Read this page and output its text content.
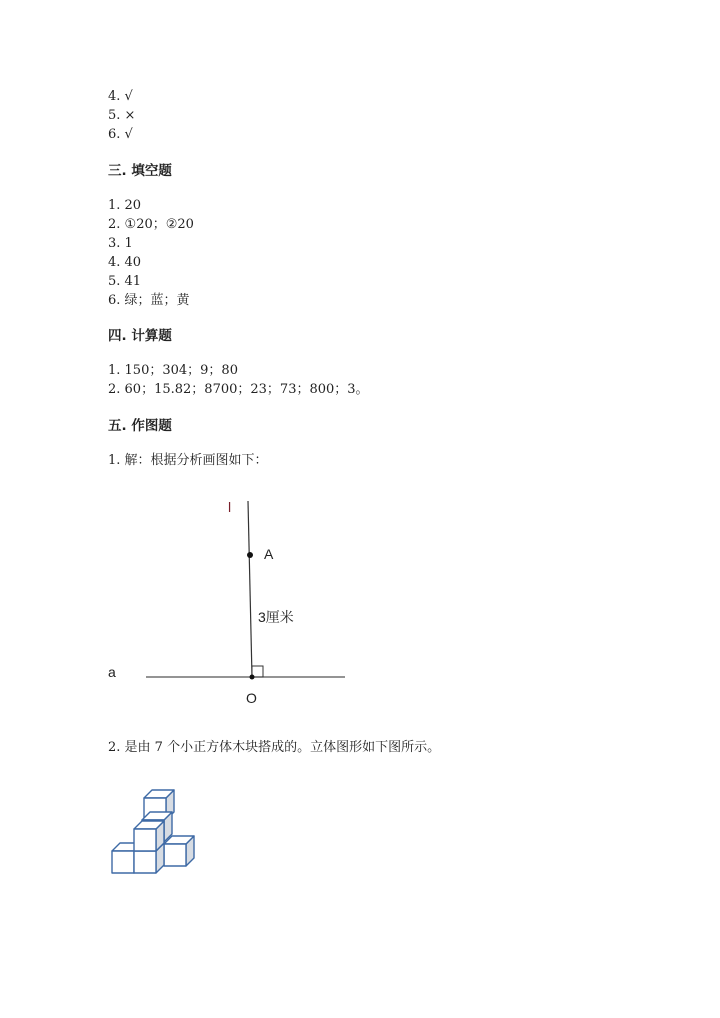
4. √
5. ×
6. √
三. 填空题
1. 20
2. ①20；②20
3. 1
4. 40
5. 41
6. 绿；蓝；黄
四. 计算题
1. 150；304；9；80
2. 60；15.82；8700；23；73；800；3。
五. 作图题
1. 解：根据分析画图如下：
l
A
3厘米
a
O
2. 是由 7 个小正方体木块搭成的。立体图形如下图所示。
